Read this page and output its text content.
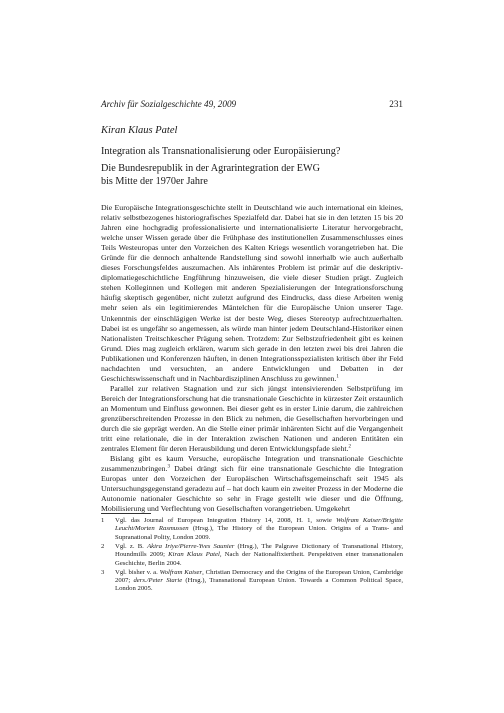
Archiv für Sozialgeschichte 49, 2009	231
Kiran Klaus Patel
Integration als Transnationalisierung oder Europäisierung?
Die Bundesrepublik in der Agrarintegration der EWG
bis Mitte der 1970er Jahre

Die Europäische Integrationsgeschichte stellt in Deutschland wie auch international ein kleines, relativ selbstbezogenes historiografisches Spezialfeld dar. Dabei hat sie in den letzten 15 bis 20 Jahren eine hochgradig professionalisierte und internationalisierte Literatur hervorgebracht, welche unser Wissen gerade über die Frühphase des institutionellen Zusammenschlusses eines Teils Westeuropas unter den Vorzeichen des Kalten Kriegs wesentlich vorangetrieben hat. Die Gründe für die dennoch anhaltende Randstellung sind sowohl innerhalb wie auch außerhalb dieses Forschungsfeldes auszumachen. Als inhärentes Problem ist primär auf die deskriptiv-diplomatiegeschichtliche Engführung hinzuweisen, die viele dieser Studien prägt. Zugleich stehen Kolleginnen und Kollegen mit anderen Spezialisierungen der Integrationsforschung häufig skeptisch gegenüber, nicht zuletzt aufgrund des Eindrucks, dass diese Arbeiten wenig mehr seien als ein legitimierendes Mäntelchen für die Europäische Union unserer Tage. Unkenntnis der einschlägigen Werke ist der beste Weg, dieses Stereotyp aufrechtzuerhalten. Dabei ist es ungefähr so angemessen, als würde man hinter jedem Deutschland-Historiker einen Nationalisten Treitschkescher Prägung sehen. Trotzdem: Zur Selbstzufriedenheit gibt es keinen Grund. Dies mag zugleich erklären, warum sich gerade in den letzten zwei bis drei Jahren die Publikationen und Konferenzen häuften, in denen Integrationsspezialisten kritisch über ihr Feld nachdachten und versuchten, an andere Entwicklungen und Debatten in der Geschichtswissenschaft und in Nachbardisziplinen Anschluss zu gewinnen.$^1$

Parallel zur relativen Stagnation und zur sich jüngst intensivierenden Selbstprüfung im Bereich der Integrationsforschung hat die transnationale Geschichte in kürzester Zeit erstaunlich an Momentum und Einfluss gewonnen. Bei dieser geht es in erster Linie darum, die zahlreichen grenzüberschreitenden Prozesse in den Blick zu nehmen, die Gesellschaften hervorbringen und durch die sie geprägt werden. An die Stelle einer primär inhärenten Sicht auf die Vergangenheit tritt eine relationale, die in der Interaktion zwischen Nationen und anderen Entitäten ein zentrales Element für deren Herausbildung und deren Entwicklungspfade sieht.$^2$

Bislang gibt es kaum Versuche, europäische Integration und transnationale Geschichte zusammenzubringen.$^3$ Dabei drängt sich für eine transnationale Geschichte die Integration Europas unter den Vorzeichen der Europäischen Wirtschaftsgemeinschaft seit 1945 als Untersuchungsgegenstand geradezu auf – hat doch kaum ein zweiter Prozess in der Moderne die Autonomie nationaler Geschichte so sehr in Frage gestellt wie dieser und die Öffnung, Mobilisierung und Verflechtung von Gesellschaften vorangetrieben. Umgekehrt

1 Vgl. das Journal of European Integration History 14, 2008, H. 1, sowie Wolfram Kaiser/Brigitte Leucht/Morten Rasmussen (Hrsg.), The History of the European Union. Origins of a Trans- and Supranational Polity, London 2009.
2 Vgl. z. B. Akira Iriye/Pierre-Yves Saunier (Hrsg.), The Palgrave Dictionary of Transnational History, Houndmills 2009; Kiran Klaus Patel, Nach der Nationalfixiertheit. Perspektiven einer transnationalen Geschichte, Berlin 2004.
3 Vgl. bisher v. a. Wolfram Kaiser, Christian Democracy and the Origins of the European Union, Cambridge 2007; ders./Peter Starie (Hrsg.), Transnational European Union. Towards a Common Political Space, London 2005.
